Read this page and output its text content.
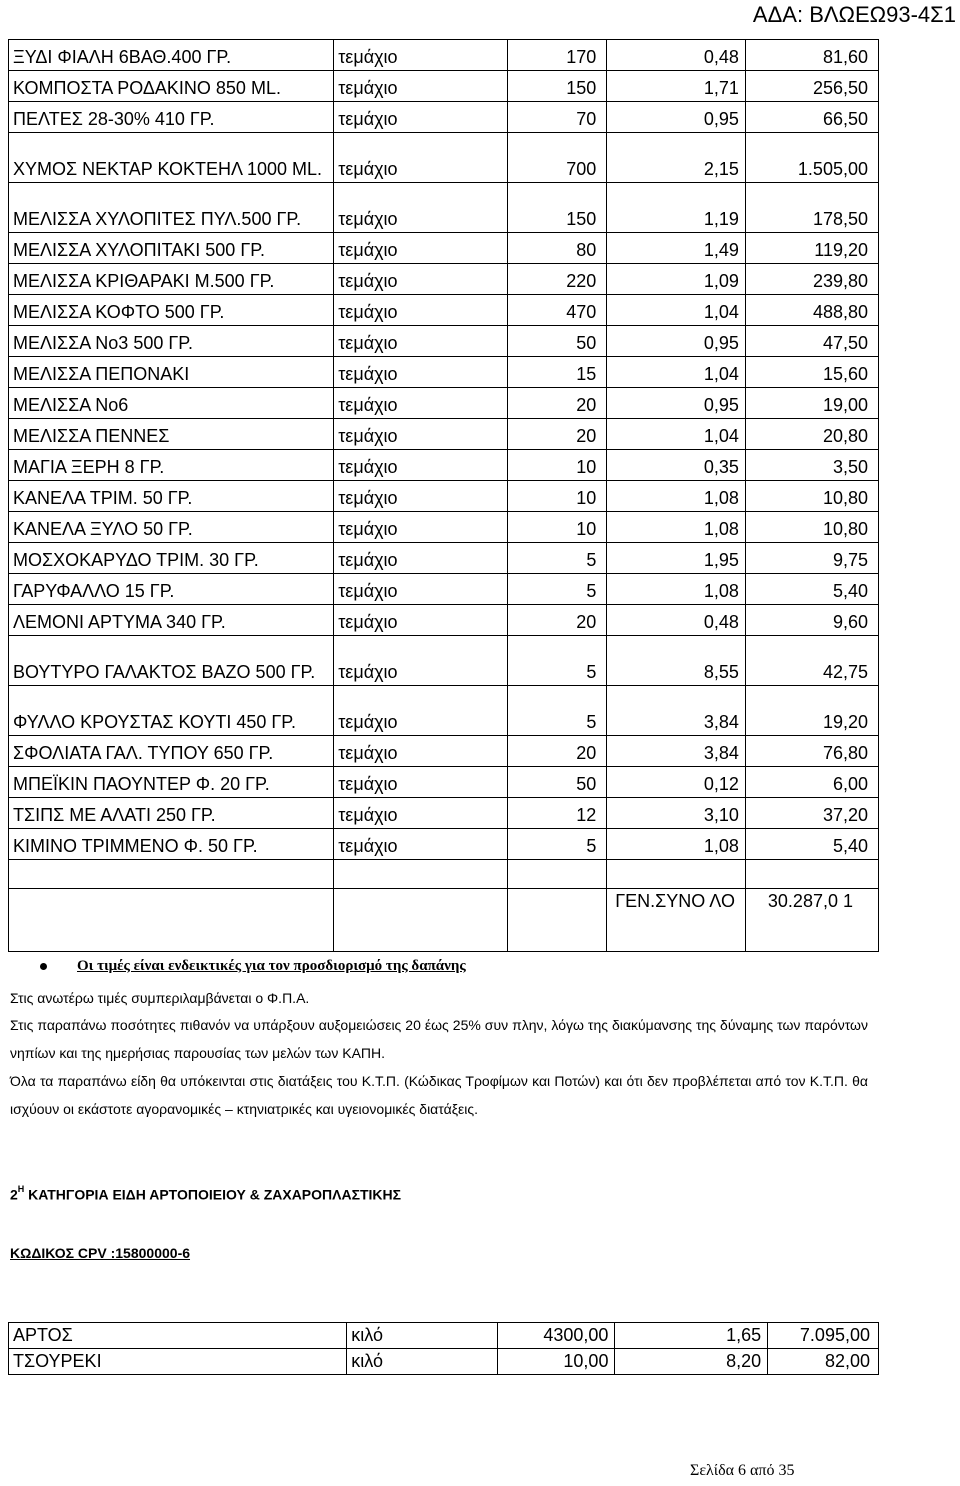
ΑΔΑ: ΒΛΩΕΩ93-4Σ1
ΞΥΔΙ ΦΙΑΛΗ 6ΒΑΘ.400 ΓΡ.	τεμάχιο	170	0,48	81,60
ΚΟΜΠΟΣΤΑ ΡΟΔΑΚΙΝΟ 850 ML.	τεμάχιο	150	1,71	256,50
ΠΕΛΤΕΣ 28-30% 410 ΓΡ.	τεμάχιο	70	0,95	66,50
ΧΥΜΟΣ ΝΕΚΤΑΡ ΚΟΚΤΕΗΛ 1000 ML.	τεμάχιο	700	2,15	1.505,00
ΜΕΛΙΣΣΑ ΧΥΛΟΠΙΤΕΣ ΠΥΛ.500 ΓΡ.	τεμάχιο	150	1,19	178,50
ΜΕΛΙΣΣΑ ΧΥΛΟΠΙΤΑΚΙ 500 ΓΡ.	τεμάχιο	80	1,49	119,20
ΜΕΛΙΣΣΑ ΚΡΙΘΑΡΑΚΙ Μ.500 ΓΡ.	τεμάχιο	220	1,09	239,80
ΜΕΛΙΣΣΑ ΚΟΦΤΟ 500 ΓΡ.	τεμάχιο	470	1,04	488,80
ΜΕΛΙΣΣΑ Νο3 500 ΓΡ.	τεμάχιο	50	0,95	47,50
ΜΕΛΙΣΣΑ ΠΕΠΟΝΑΚΙ	τεμάχιο	15	1,04	15,60
ΜΕΛΙΣΣΑ Νο6	τεμάχιο	20	0,95	19,00
ΜΕΛΙΣΣΑ ΠΕΝΝΕΣ	τεμάχιο	20	1,04	20,80
ΜΑΓΙΑ ΞΕΡΗ 8 ΓΡ.	τεμάχιο	10	0,35	3,50
ΚΑΝΕΛΑ ΤΡΙΜ. 50 ΓΡ.	τεμάχιο	10	1,08	10,80
ΚΑΝΕΛΑ ΞΥΛΟ 50 ΓΡ.	τεμάχιο	10	1,08	10,80
ΜΟΣΧΟΚΑΡΥΔΟ ΤΡΙΜ. 30 ΓΡ.	τεμάχιο	5	1,95	9,75
ΓΑΡΥΦΑΛΛΟ 15 ΓΡ.	τεμάχιο	5	1,08	5,40
ΛΕΜΟΝΙ ΑΡΤΥΜΑ 340 ΓΡ.	τεμάχιο	20	0,48	9,60
ΒΟΥΤΥΡΟ ΓΑΛΑΚΤΟΣ ΒΑΖΟ 500 ΓΡ.	τεμάχιο	5	8,55	42,75
ΦΥΛΛΟ ΚΡΟΥΣΤΑΣ ΚΟΥΤΙ 450 ΓΡ.	τεμάχιο	5	3,84	19,20
ΣΦΟΛΙΑΤΑ ΓΑΛ. ΤΥΠΟΥ 650 ΓΡ.	τεμάχιο	20	3,84	76,80
ΜΠΕΪΚΙΝ ΠΑΟΥΝΤΕΡ Φ. 20 ΓΡ.	τεμάχιο	50	0,12	6,00
ΤΣΙΠΣ ΜΕ ΑΛΑΤΙ 250 ΓΡ.	τεμάχιο	12	3,10	37,20
ΚΙΜΙΝΟ ΤΡΙΜΜΕΝΟ Φ. 50 ΓΡ.	τεμάχιο	5	1,08	5,40

			ΓΕΝ.ΣΥΝΟ ΛΟ	30.287,0 1
Οι τιμές είναι ενδεικτικές για τον προσδιορισμό της δαπάνης
Στις ανωτέρω τιμές συμπεριλαμβάνεται ο Φ.Π.Α.
Στις παραπάνω ποσότητες πιθανόν να υπάρξουν αυξομειώσεις 20 έως 25% συν πλην, λόγω της διακύμανσης της δύναμης των παρόντων νηπίων και της ημερήσιας παρουσίας των μελών των ΚΑΠΗ.
Όλα τα παραπάνω είδη θα υπόκεινται στις διατάξεις του Κ.Τ.Π. (Κώδικας Τροφίμων και Ποτών) και ότι δεν προβλέπεται από τον Κ.Τ.Π. θα ισχύουν οι εκάστοτε αγορανομικές – κτηνιατρικές και υγειονομικές διατάξεις.
$2^H$ ΚΑΤΗΓΟΡΙΑ ΕΙΔΗ ΑΡΤΟΠΟΙΕΙΟΥ & ΖΑΧΑΡΟΠΛΑΣΤΙΚΗΣ
ΚΩΔΙΚΟΣ CPV :15800000-6
ΑΡΤΟΣ	κιλό	4300,00	1,65	7.095,00
ΤΣΟΥΡΕΚΙ	κιλό	10,00	8,20	82,00
Σελίδα 6 από 35
